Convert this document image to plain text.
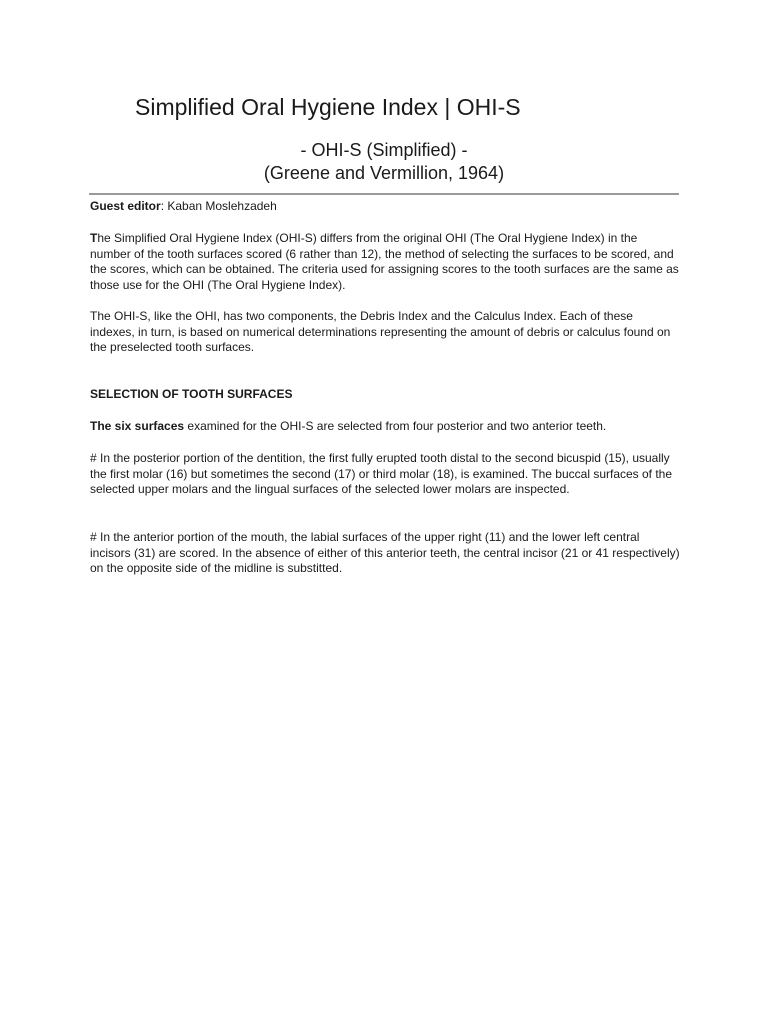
Simplified Oral Hygiene Index | OHI-S
- OHI-S (Simplified) -
(Greene and Vermillion, 1964)

Guest editor: Kaban Moslehzadeh

The Simplified Oral Hygiene Index (OHI-S) differs from the original OHI (The Oral Hygiene Index) in the number of the tooth surfaces scored (6 rather than 12), the method of selecting the surfaces to be scored, and the scores, which can be obtained. The criteria used for assigning scores to the tooth surfaces are the same as those use for the OHI (The Oral Hygiene Index).

The OHI-S, like the OHI, has two components, the Debris Index and the Calculus Index. Each of these indexes, in turn, is based on numerical determinations representing the amount of debris or calculus found on the preselected tooth surfaces.

SELECTION OF TOOTH SURFACES

The six surfaces examined for the OHI-S are selected from four posterior and two anterior teeth.

# In the posterior portion of the dentition, the first fully erupted tooth distal to the second bicuspid (15), usually the first molar (16) but sometimes the second (17) or third molar (18), is examined. The buccal surfaces of the selected upper molars and the lingual surfaces of the selected lower molars are inspected.

# In the anterior portion of the mouth, the labial surfaces of the upper right (11) and the lower left central incisors (31) are scored. In the absence of either of this anterior teeth, the central incisor (21 or 41 respectively) on the opposite side of the midline is substitted.
